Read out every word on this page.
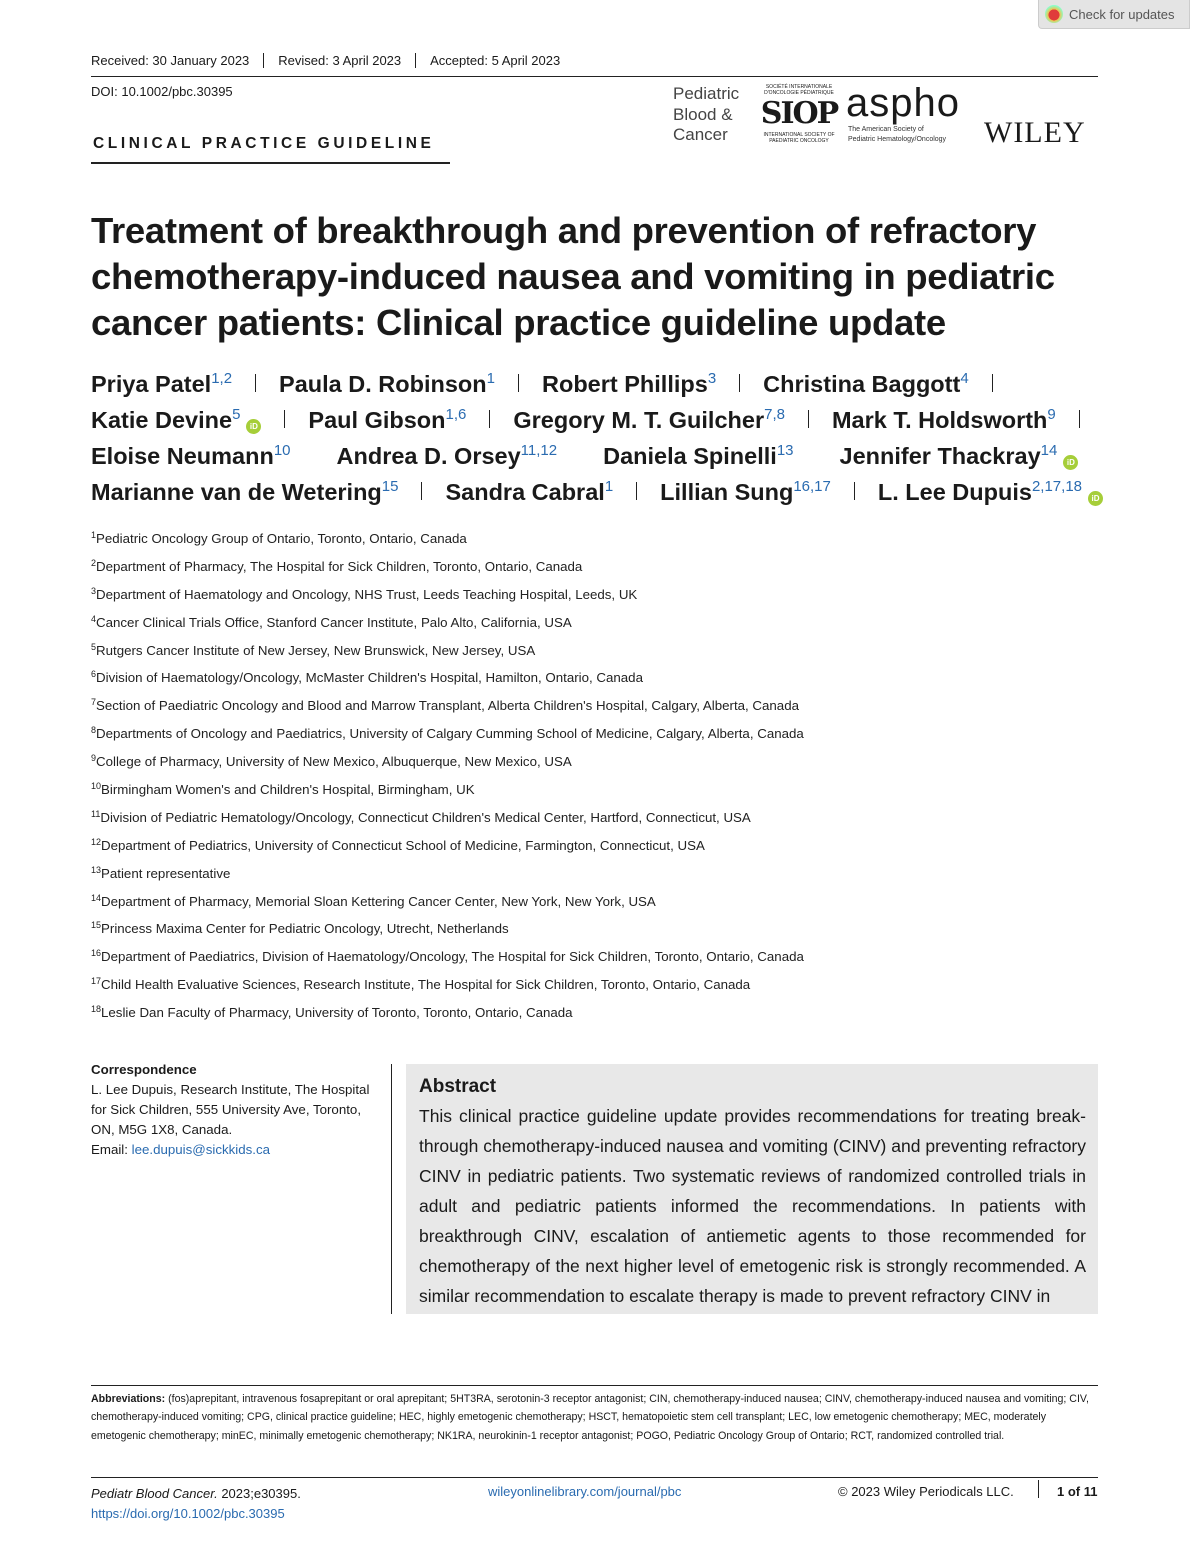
Check for updates
Received: 30 January 2023	Revised: 3 April 2023	Accepted: 5 April 2023
DOI: 10.1002/pbc.30395
CLINICAL PRACTICE GUIDELINE
Pediatric
Blood &
Cancer
SOCIÉTÉ INTERNATIONALE D'ONCOLOGIE PÉDIATRIQUE
SIOP
INTERNATIONAL SOCIETY OF PAEDIATRIC ONCOLOGY
aspho
The American Society of
Pediatric Hematology/Oncology WILEY
Treatment of breakthrough and prevention of refractory chemotherapy-induced nausea and vomiting in pediatric cancer patients: Clinical practice guideline update
Priya Patel$^{1,2}$ Paula D. Robinson$^1$ Robert Phillips$^3$ Christina Baggott$^4$
Katie Devine$^5$iD Paul Gibson$^{1,6}$ Gregory M. T. Guilcher$^{7,8}$ Mark T. Holdsworth$^9$
Eloise Neumann$^{10}$ Andrea D. Orsey$^{11,12}$ Daniela Spinelli$^{13}$ Jennifer Thackray$^{14}$iD
Marianne van de Wetering$^{15}$ Sandra Cabral$^1$ Lillian Sung$^{16,17}$ L. Lee Dupuis$^{2,17,18}$iD
$^1$Pediatric Oncology Group of Ontario, Toronto, Ontario, Canada
$^2$Department of Pharmacy, The Hospital for Sick Children, Toronto, Ontario, Canada
$^3$Department of Haematology and Oncology, NHS Trust, Leeds Teaching Hospital, Leeds, UK
$^4$Cancer Clinical Trials Office, Stanford Cancer Institute, Palo Alto, California, USA
$^5$Rutgers Cancer Institute of New Jersey, New Brunswick, New Jersey, USA
$^6$Division of Haematology/Oncology, McMaster Children's Hospital, Hamilton, Ontario, Canada
$^7$Section of Paediatric Oncology and Blood and Marrow Transplant, Alberta Children's Hospital, Calgary, Alberta, Canada
$^8$Departments of Oncology and Paediatrics, University of Calgary Cumming School of Medicine, Calgary, Alberta, Canada
$^9$College of Pharmacy, University of New Mexico, Albuquerque, New Mexico, USA
$^{10}$Birmingham Women's and Children's Hospital, Birmingham, UK
$^{11}$Division of Pediatric Hematology/Oncology, Connecticut Children's Medical Center, Hartford, Connecticut, USA
$^{12}$Department of Pediatrics, University of Connecticut School of Medicine, Farmington, Connecticut, USA
$^{13}$Patient representative
$^{14}$Department of Pharmacy, Memorial Sloan Kettering Cancer Center, New York, New York, USA
$^{15}$Princess Maxima Center for Pediatric Oncology, Utrecht, Netherlands
$^{16}$Department of Paediatrics, Division of Haematology/Oncology, The Hospital for Sick Children, Toronto, Ontario, Canada
$^{17}$Child Health Evaluative Sciences, Research Institute, The Hospital for Sick Children, Toronto, Ontario, Canada
$^{18}$Leslie Dan Faculty of Pharmacy, University of Toronto, Toronto, Ontario, Canada
Correspondence
L. Lee Dupuis, Research Institute, The Hospital for Sick Children, 555 University Ave, Toronto, ON, M5G 1X8, Canada.
Email: lee.dupuis@sickkids.ca
Abstract

This clinical practice guideline update provides recommendations for treating break-through chemotherapy-induced nausea and vomiting (CINV) and preventing refractory CINV in pediatric patients. Two systematic reviews of randomized controlled trials in adult and pediatric patients informed the recommendations. In patients with breakthrough CINV, escalation of antiemetic agents to those recommended for chemotherapy of the next higher level of emetogenic risk is strongly recommended. A similar recommendation to escalate therapy is made to prevent refractory CINV in

Abbreviations: (fos)aprepitant, intravenous fosaprepitant or oral aprepitant; 5HT3RA, serotonin-3 receptor antagonist; CIN, chemotherapy-induced nausea; CINV, chemotherapy-induced nausea and vomiting; CIV, chemotherapy-induced vomiting; CPG, clinical practice guideline; HEC, highly emetogenic chemotherapy; HSCT, hematopoietic stem cell transplant; LEC, low emetogenic chemotherapy; MEC, moderately emetogenic chemotherapy; minEC, minimally emetogenic chemotherapy; NK1RA, neurokinin-1 receptor antagonist; POGO, Pediatric Oncology Group of Ontario; RCT, randomized controlled trial.
Pediatr Blood Cancer. 2023;e30395.
https://doi.org/10.1002/pbc.30395
wileyonlinelibrary.com/journal/pbc	© 2023 Wiley Periodicals LLC.	1 of 11
